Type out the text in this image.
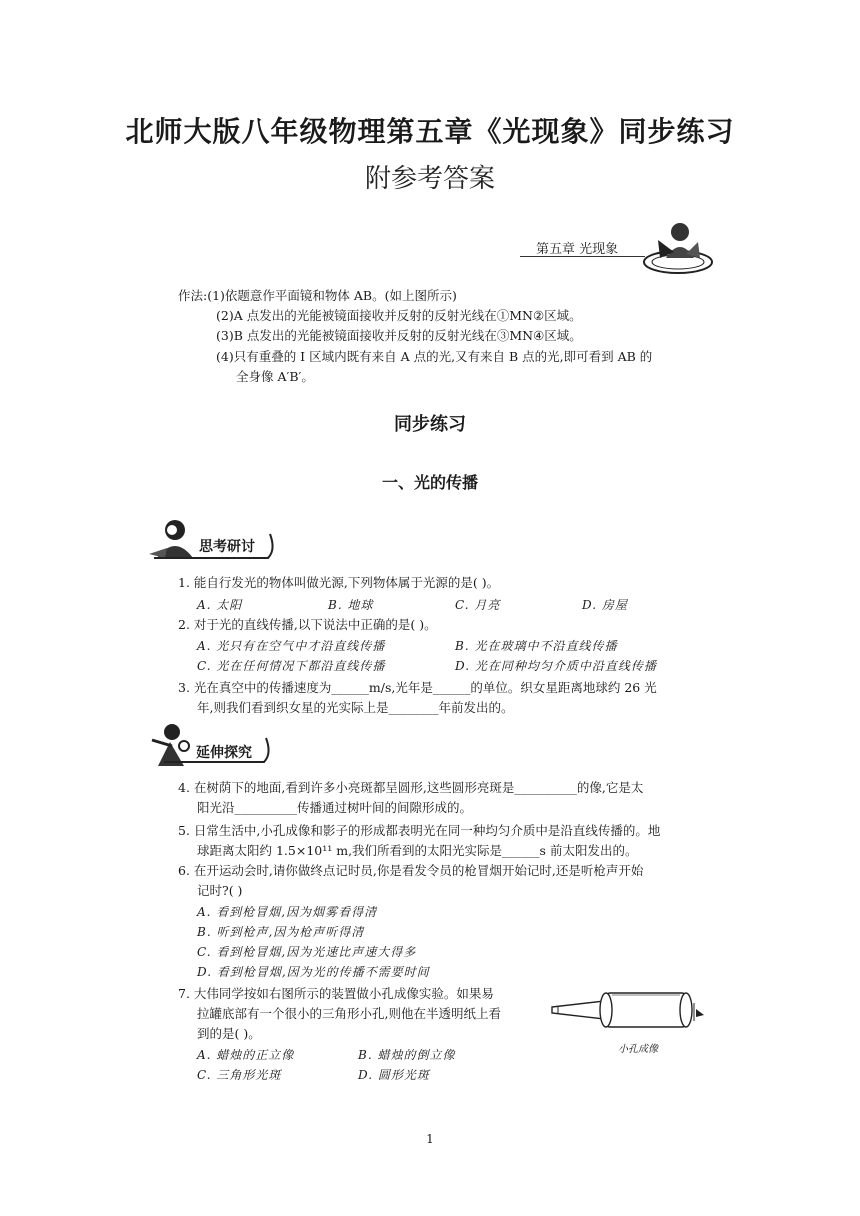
北师大版八年级物理第五章《光现象》同步练习
附参考答案
第五章 光现象
作法:(1)依题意作平面镜和物体 AB。(如上图所示)
(2)A 点发出的光能被镜面接收并反射的反射光线在①MN②区域。
(3)B 点发出的光能被镜面接收并反射的反射光线在③MN④区域。
(4)只有重叠的 I 区域内既有来自 A 点的光,又有来自 B 点的光,即可看到 AB 的
全身像 A′B′。
同步练习
一、光的传播
思考研讨
1. 能自行发光的物体叫做光源,下列物体属于光源的是( )。
A. 太阳	B. 地球	C. 月亮	D. 房屋
2. 对于光的直线传播,以下说法中正确的是( )。
A. 光只有在空气中才沿直线传播	B. 光在玻璃中不沿直线传播
C. 光在任何情况下都沿直线传播	D. 光在同种均匀介质中沿直线传播
3. 光在真空中的传播速度为______m/s,光年是______的单位。织女星距离地球约 26 光
年,则我们看到织女星的光实际上是________年前发出的。
延伸探究
4. 在树荫下的地面,看到许多小亮斑都呈圆形,这些圆形亮斑是__________的像,它是太
阳光沿__________传播通过树叶间的间隙形成的。
5. 日常生活中,小孔成像和影子的形成都表明光在同一种均匀介质中是沿直线传播的。地
球距离太阳约 1.5×10¹¹ m,我们所看到的太阳光实际是______s 前太阳发出的。
6. 在开运动会时,请你做终点记时员,你是看发令员的枪冒烟开始记时,还是听枪声开始
记时?( )
A. 看到枪冒烟,因为烟雾看得清
B. 听到枪声,因为枪声听得清
C. 看到枪冒烟,因为光速比声速大得多
D. 看到枪冒烟,因为光的传播不需要时间
7. 大伟同学按如右图所示的装置做小孔成像实验。如果易
拉罐底部有一个很小的三角形小孔,则他在半透明纸上看
到的是( )。
A. 蜡烛的正立像	B. 蜡烛的倒立像
C. 三角形光斑	D. 圆形光斑
小孔成像
1
